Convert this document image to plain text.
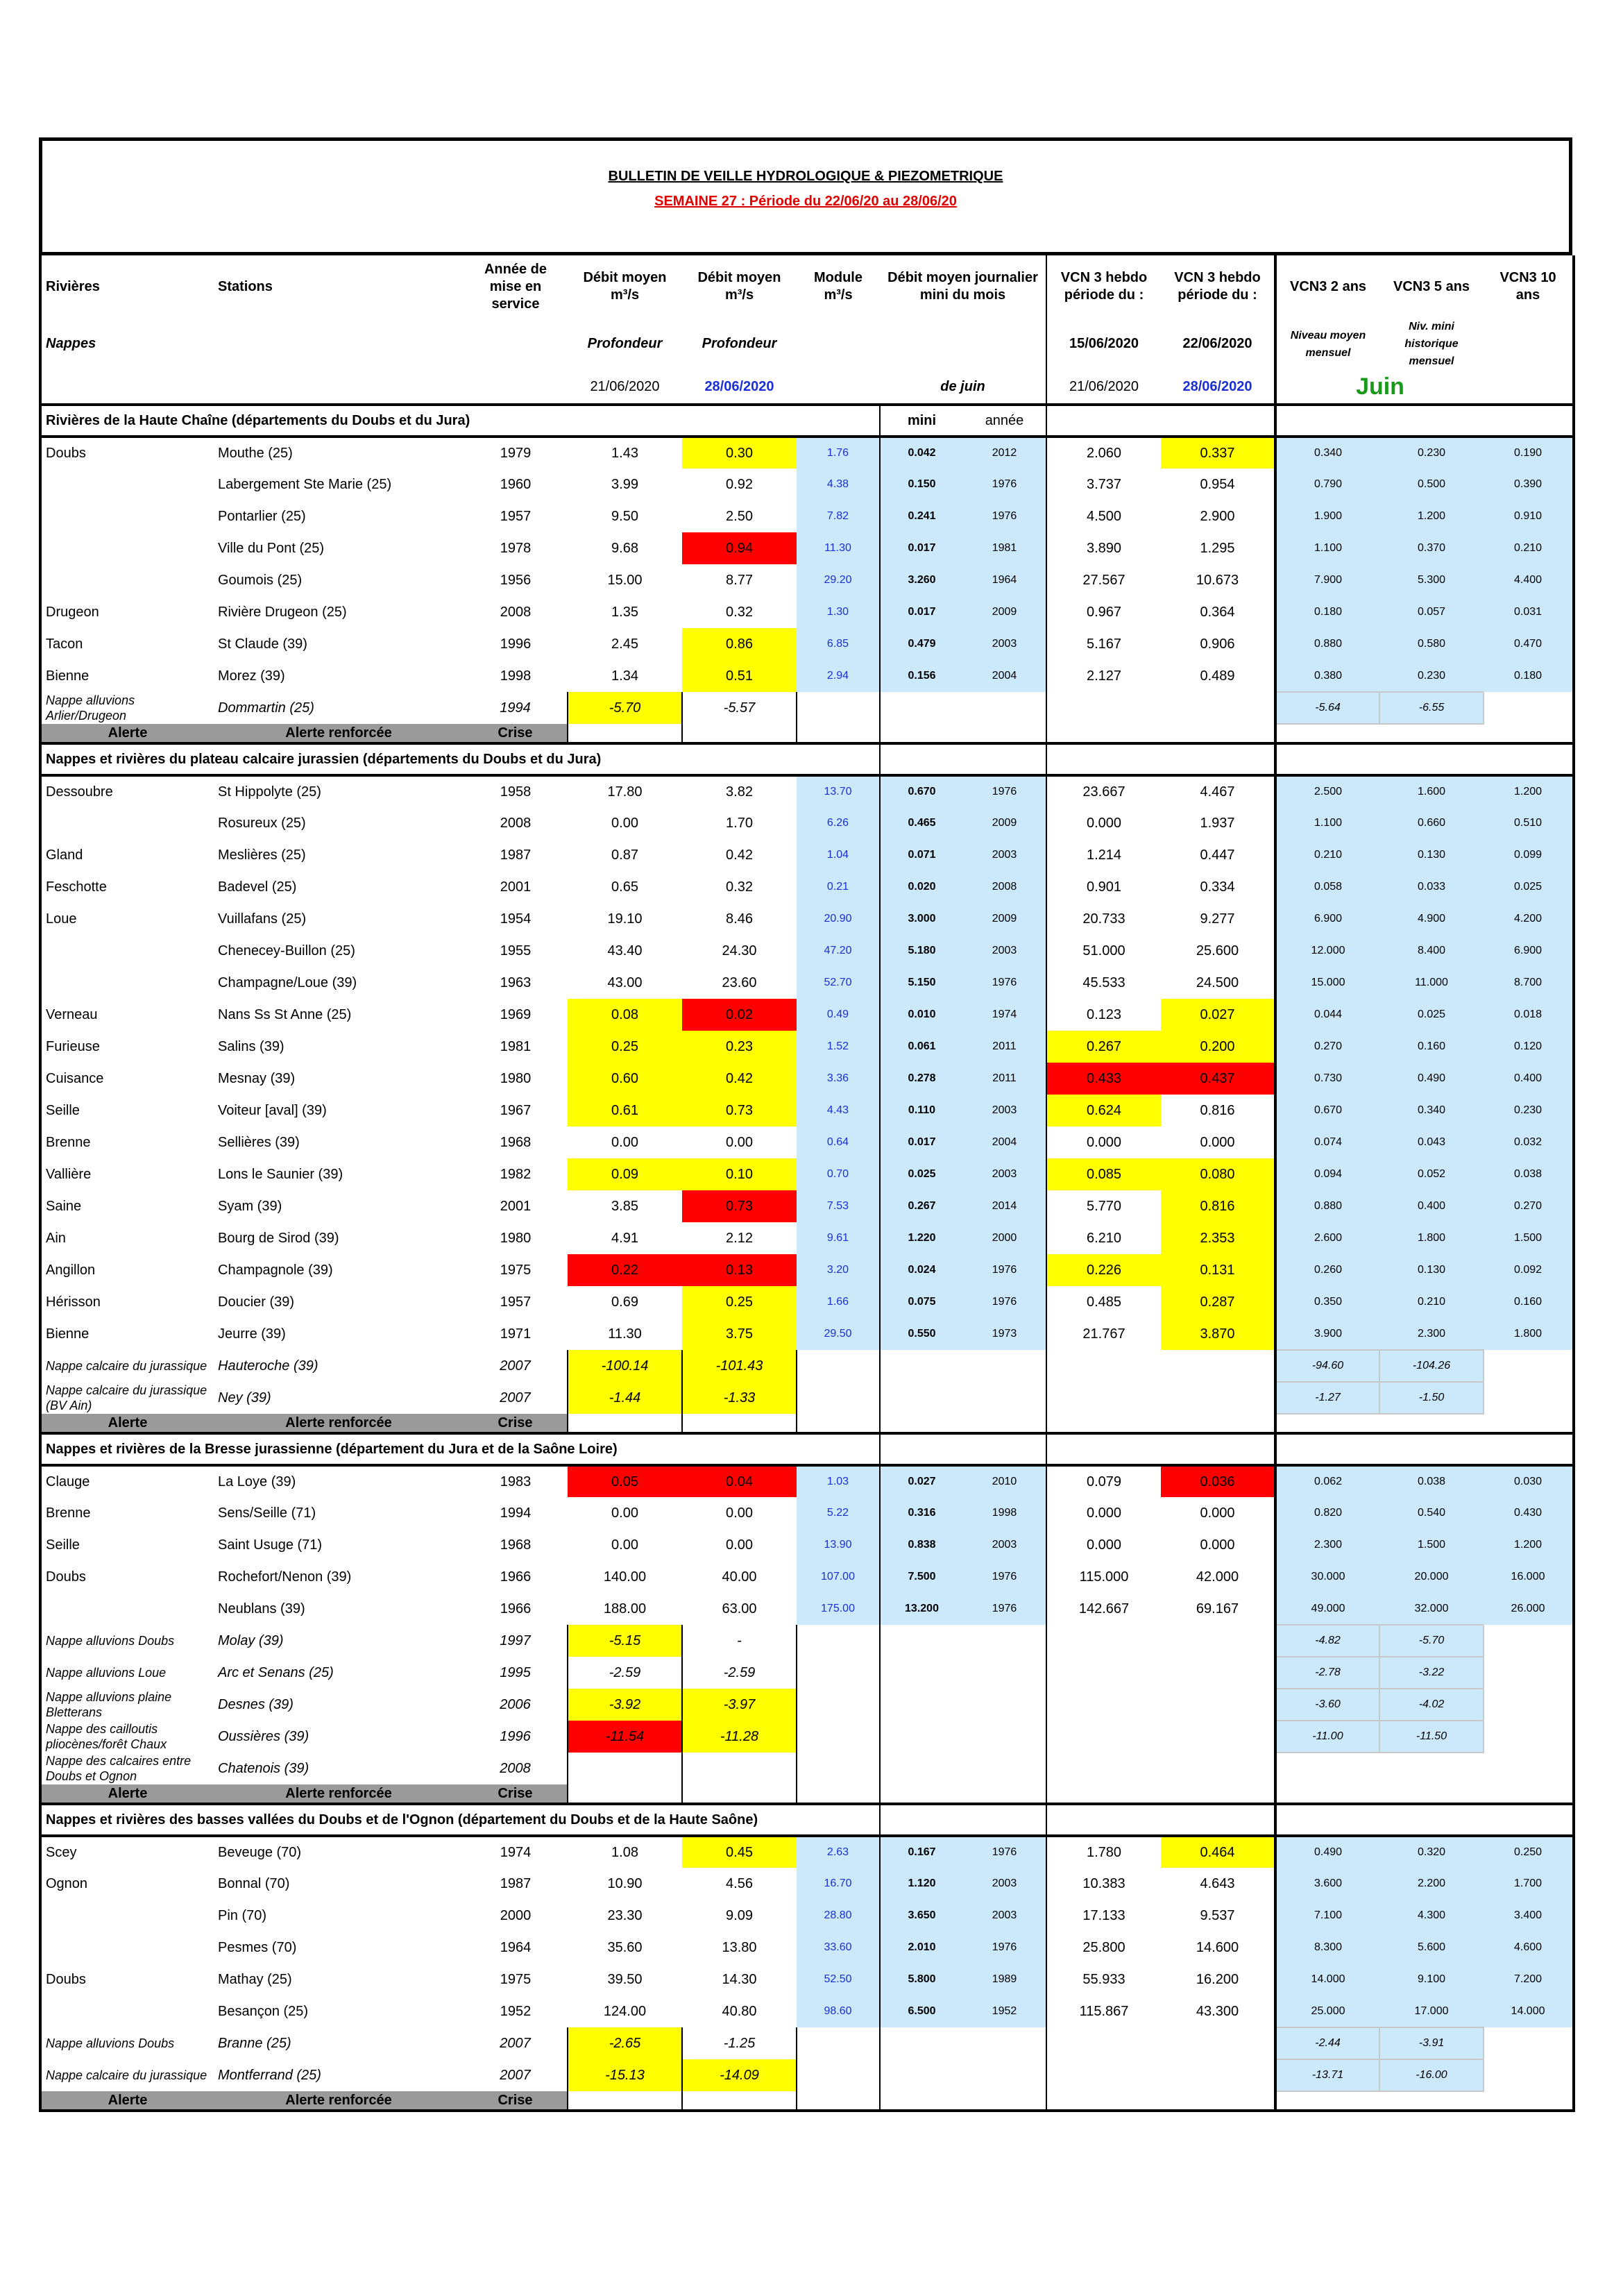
BULLETIN DE VEILLE HYDROLOGIQUE & PIEZOMETRIQUE
SEMAINE 27 : Période du 22/06/20 au 28/06/20
Rivières	Stations	Année de mise en service	Débit moyen m³/s	Débit moyen m³/s	Module m³/s	Débit moyen journalier mini du mois		VCN 3 hebdo période du :	VCN 3 hebdo période du :	VCN3 2 ans	VCN3 5 ans	VCN3 10 ans
Nappes			Profondeur	Profondeur				15/06/2020	22/06/2020	Niveau moyen mensuel	Niv. mini historique mensuel	
			21/06/2020	28/06/2020		de juin		21/06/2020	28/06/2020	Juin		
Rivières de la Haute Chaîne (départements du Doubs et du Jura)						mini	année					
Doubs	Mouthe (25)	1979	1.43	0.30	1.76	0.042	2012	2.060	0.337	0.340	0.230	0.190
	Labergement Ste Marie (25)	1960	3.99	0.92	4.38	0.150	1976	3.737	0.954	0.790	0.500	0.390
	Pontarlier (25)	1957	9.50	2.50	7.82	0.241	1976	4.500	2.900	1.900	1.200	0.910
	Ville du Pont (25)	1978	9.68	0.94	11.30	0.017	1981	3.890	1.295	1.100	0.370	0.210
	Goumois (25)	1956	15.00	8.77	29.20	3.260	1964	27.567	10.673	7.900	5.300	4.400
Drugeon	Rivière Drugeon (25)	2008	1.35	0.32	1.30	0.017	2009	0.967	0.364	0.180	0.057	0.031
Tacon	St Claude (39)	1996	2.45	0.86	6.85	0.479	2003	5.167	0.906	0.880	0.580	0.470
Bienne	Morez (39)	1998	1.34	0.51	2.94	0.156	2004	2.127	0.489	0.380	0.230	0.180
Nappe alluvions Arlier/Drugeon	Dommartin (25)	1994	-5.70	-5.57						-5.64	-6.55	
Alerte	Alerte renforcée	Crise										
Nappes et rivières du plateau calcaire jurassien (départements du Doubs et du Jura)												
Dessoubre	St Hippolyte (25)	1958	17.80	3.82	13.70	0.670	1976	23.667	4.467	2.500	1.600	1.200
	Rosureux (25)	2008	0.00	1.70	6.26	0.465	2009	0.000	1.937	1.100	0.660	0.510
Gland	Meslières (25)	1987	0.87	0.42	1.04	0.071	2003	1.214	0.447	0.210	0.130	0.099
Feschotte	Badevel (25)	2001	0.65	0.32	0.21	0.020	2008	0.901	0.334	0.058	0.033	0.025
Loue	Vuillafans (25)	1954	19.10	8.46	20.90	3.000	2009	20.733	9.277	6.900	4.900	4.200
	Chenecey-Buillon (25)	1955	43.40	24.30	47.20	5.180	2003	51.000	25.600	12.000	8.400	6.900
	Champagne/Loue (39)	1963	43.00	23.60	52.70	5.150	1976	45.533	24.500	15.000	11.000	8.700
Verneau	Nans Ss St Anne (25)	1969	0.08	0.02	0.49	0.010	1974	0.123	0.027	0.044	0.025	0.018
Furieuse	Salins (39)	1981	0.25	0.23	1.52	0.061	2011	0.267	0.200	0.270	0.160	0.120
Cuisance	Mesnay (39)	1980	0.60	0.42	3.36	0.278	2011	0.433	0.437	0.730	0.490	0.400
Seille	Voiteur [aval] (39)	1967	0.61	0.73	4.43	0.110	2003	0.624	0.816	0.670	0.340	0.230
Brenne	Sellières (39)	1968	0.00	0.00	0.64	0.017	2004	0.000	0.000	0.074	0.043	0.032
Vallière	Lons le Saunier (39)	1982	0.09	0.10	0.70	0.025	2003	0.085	0.080	0.094	0.052	0.038
Saine	Syam (39)	2001	3.85	0.73	7.53	0.267	2014	5.770	0.816	0.880	0.400	0.270
Ain	Bourg de Sirod (39)	1980	4.91	2.12	9.61	1.220	2000	6.210	2.353	2.600	1.800	1.500
Angillon	Champagnole (39)	1975	0.22	0.13	3.20	0.024	1976	0.226	0.131	0.260	0.130	0.092
Hérisson	Doucier (39)	1957	0.69	0.25	1.66	0.075	1976	0.485	0.287	0.350	0.210	0.160
Bienne	Jeurre (39)	1971	11.30	3.75	29.50	0.550	1973	21.767	3.870	3.900	2.300	1.800
Nappe calcaire du jurassique	Hauteroche (39)	2007	-100.14	-101.43						-94.60	-104.26	
Nappe calcaire du jurassique (BV Ain)	Ney (39)	2007	-1.44	-1.33						-1.27	-1.50	
Alerte	Alerte renforcée	Crise										
Nappes et rivières de la Bresse jurassienne (département du Jura et de la Saône Loire)												
Clauge	La Loye (39)	1983	0.05	0.04	1.03	0.027	2010	0.079	0.036	0.062	0.038	0.030
Brenne	Sens/Seille (71)	1994	0.00	0.00	5.22	0.316	1998	0.000	0.000	0.820	0.540	0.430
Seille	Saint Usuge (71)	1968	0.00	0.00	13.90	0.838	2003	0.000	0.000	2.300	1.500	1.200
Doubs	Rochefort/Nenon (39)	1966	140.00	40.00	107.00	7.500	1976	115.000	42.000	30.000	20.000	16.000
	Neublans (39)	1966	188.00	63.00	175.00	13.200	1976	142.667	69.167	49.000	32.000	26.000
Nappe alluvions Doubs	Molay (39)	1997	-5.15	-						-4.82	-5.70	
Nappe alluvions Loue	Arc et Senans (25)	1995	-2.59	-2.59						-2.78	-3.22	
Nappe alluvions plaine Bletterans	Desnes (39)	2006	-3.92	-3.97						-3.60	-4.02	
Nappe des cailloutis pliocènes/forêt Chaux	Oussières (39)	1996	-11.54	-11.28						-11.00	-11.50	
Nappe des calcaires entre Doubs et Ognon	Chatenois (39)	2008										
Alerte	Alerte renforcée	Crise										
Nappes et rivières des basses vallées du Doubs et de l'Ognon (département du Doubs et de la Haute Saône)												
Scey	Beveuge (70)	1974	1.08	0.45	2.63	0.167	1976	1.780	0.464	0.490	0.320	0.250
Ognon	Bonnal (70)	1987	10.90	4.56	16.70	1.120	2003	10.383	4.643	3.600	2.200	1.700
	Pin (70)	2000	23.30	9.09	28.80	3.650	2003	17.133	9.537	7.100	4.300	3.400
	Pesmes (70)	1964	35.60	13.80	33.60	2.010	1976	25.800	14.600	8.300	5.600	4.600
Doubs	Mathay (25)	1975	39.50	14.30	52.50	5.800	1989	55.933	16.200	14.000	9.100	7.200
	Besançon (25)	1952	124.00	40.80	98.60	6.500	1952	115.867	43.300	25.000	17.000	14.000
Nappe alluvions Doubs	Branne (25)	2007	-2.65	-1.25						-2.44	-3.91	
Nappe calcaire du jurassique	Montferrand (25)	2007	-15.13	-14.09						-13.71	-16.00	
Alerte	Alerte renforcée	Crise										
